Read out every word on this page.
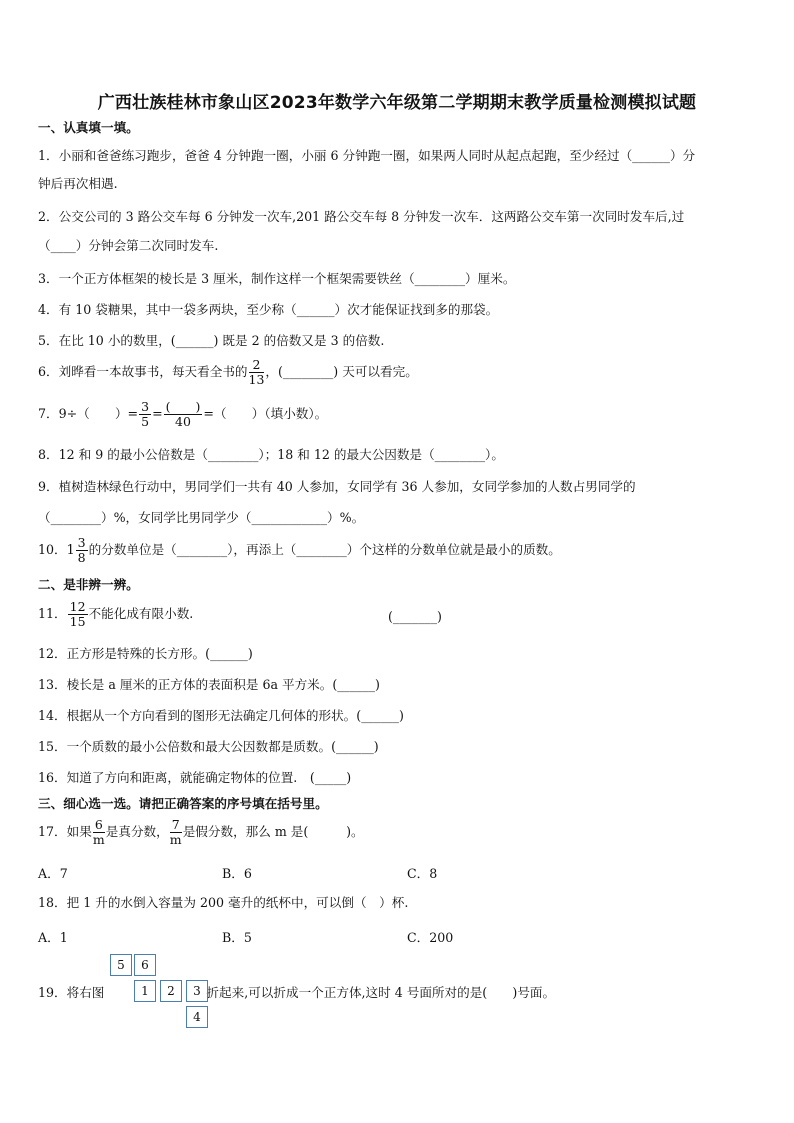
广西壮族桂林市象山区2023年数学六年级第二学期期末教学质量检测模拟试题
一、认真填一填。
1．小丽和爸爸练习跑步，爸爸 4 分钟跑一圈，小丽 6 分钟跑一圈，如果两人同时从起点起跑，至少经过（______）分
钟后再次相遇.
2．公交公司的 3 路公交车每 6 分钟发一次车,201 路公交车每 8 分钟发一次车．这两路公交车第一次同时发车后,过
（____）分钟会第二次同时发车.
3．一个正方体框架的棱长是 3 厘米，制作这样一个框架需要铁丝（________）厘米。
4．有 10 袋糖果，其中一袋多两块，至少称（______）次才能保证找到多的那袋。
5．在比 10 小的数里，(______) 既是 2 的倍数又是 3 的倍数.
6．刘晔看一本故事书，每天看全书的 $\frac{2}{13}$ ，(________) 天可以看完。
7．9÷（　　）= $\frac{3}{5} = \frac{( )}{40}$ =（　　）（填小数）。
8．12 和 9 的最小公倍数是（________）；18 和 12 的最大公因数是（________）。
9．植树造林绿色行动中，男同学们一共有 40 人参加，女同学有 36 人参加，女同学参加的人数占男同学的
（________）%，女同学比男同学少（____________）%。
10．$1 \frac{3}{8}$ 的分数单位是（________），再添上（________）个这样的分数单位就是最小的质数。
二、是非辨一辨。
11． $\frac{12}{15}$ 不能化成有限小数.	(_______)
12．正方形是特殊的长方形。(______)
13．棱长是 a 厘米的正方体的表面积是 6a 平方米。(______)
14．根据从一个方向看到的图形无法确定几何体的形状。(______)
15．一个质数的最小公倍数和最大公因数都是质数。(______)
16．知道了方向和距离，就能确定物体的位置.　(_____)
三、细心选一选。请把正确答案的序号填在括号里。
17．如果 $\frac{6}{m}$ 是真分数， $\frac{7}{m}$ 是假分数，那么 m 是(　　　)。
A．7	B．6	C．8
18．把 1 升的水倒入容量为 200 毫升的纸杯中，可以倒（　）杯.
A．1	B．5	C．200
19．将右图	折起来,可以折成一个正方体,这时 4 号面所对的是(　　)号面。
5	6
1	2	3
4
